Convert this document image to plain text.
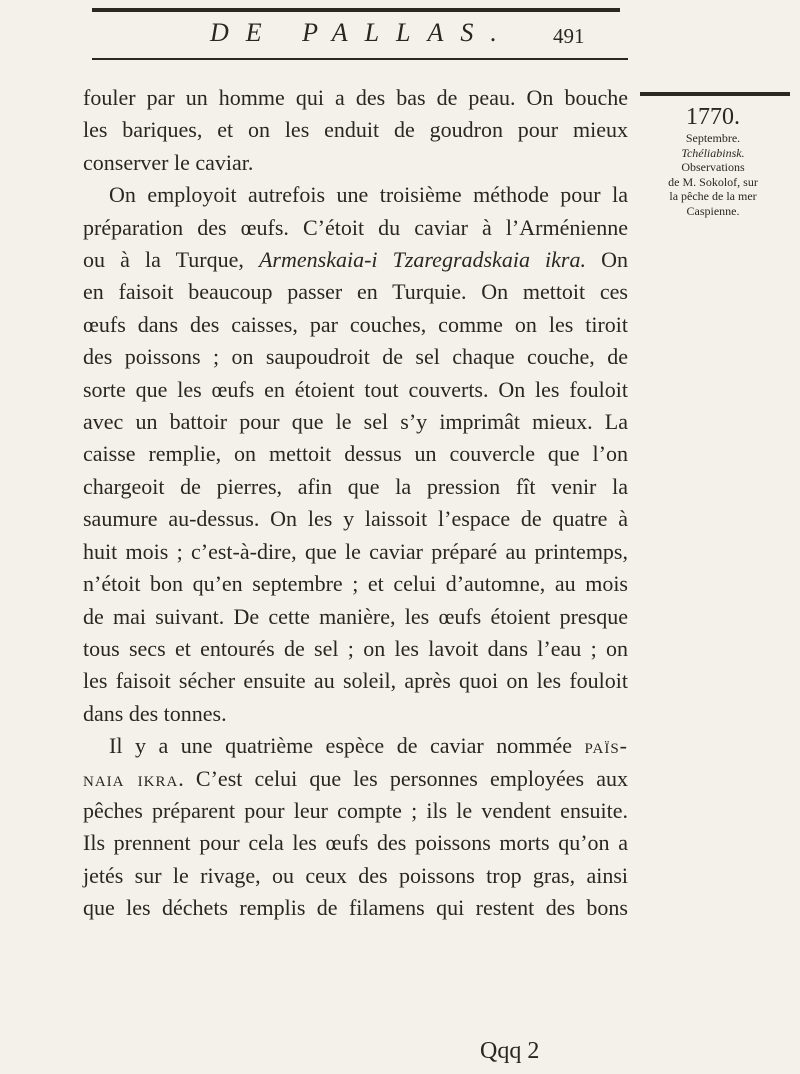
DE PALLAS. 491

fouler par un homme qui a des bas de peau. On bouche

les bariques, et on les enduit de goudron pour mieux

conserver le caviar.

On employoit autrefois une troisième méthode pour la

préparation des œufs. C’étoit du caviar à l’Arménienne

ou à la Turque, Armenskaia-i Tzaregradskaia ikra. On

en faisoit beaucoup passer en Turquie. On mettoit ces

œufs dans des caisses, par couches, comme on les tiroit

des poissons ; on saupoudroit de sel chaque couche, de

sorte que les œufs en étoient tout couverts. On les fouloit

avec un battoir pour que le sel s’y imprimât mieux. La

caisse remplie, on mettoit dessus un couvercle que l’on

chargeoit de pierres, afin que la pression fît venir la

saumure au-dessus. On les y laissoit l’espace de quatre à

huit mois ; c’est-à-dire, que le caviar préparé au printemps,

n’étoit bon qu’en septembre ; et celui d’automne, au mois

de mai suivant. De cette manière, les œufs étoient presque

tous secs et entourés de sel ; on les lavoit dans l’eau ; on

les faisoit sécher ensuite au soleil, après quoi on les fouloit

dans des tonnes.

Il y a une quatrième espèce de caviar nommée païs-

naia ikra. C’est celui que les personnes employées aux

pêches préparent pour leur compte ; ils le vendent ensuite.

Ils prennent pour cela les œufs des poissons morts qu’on a

jetés sur le rivage, ou ceux des poissons trop gras, ainsi

que les déchets remplis de filamens qui restent des bons

1770.
Septembre.
Tchéliabinsk.
Observations
de M. Sokolof, sur
la pêche de la mer
Caspienne.
Qqq 2
